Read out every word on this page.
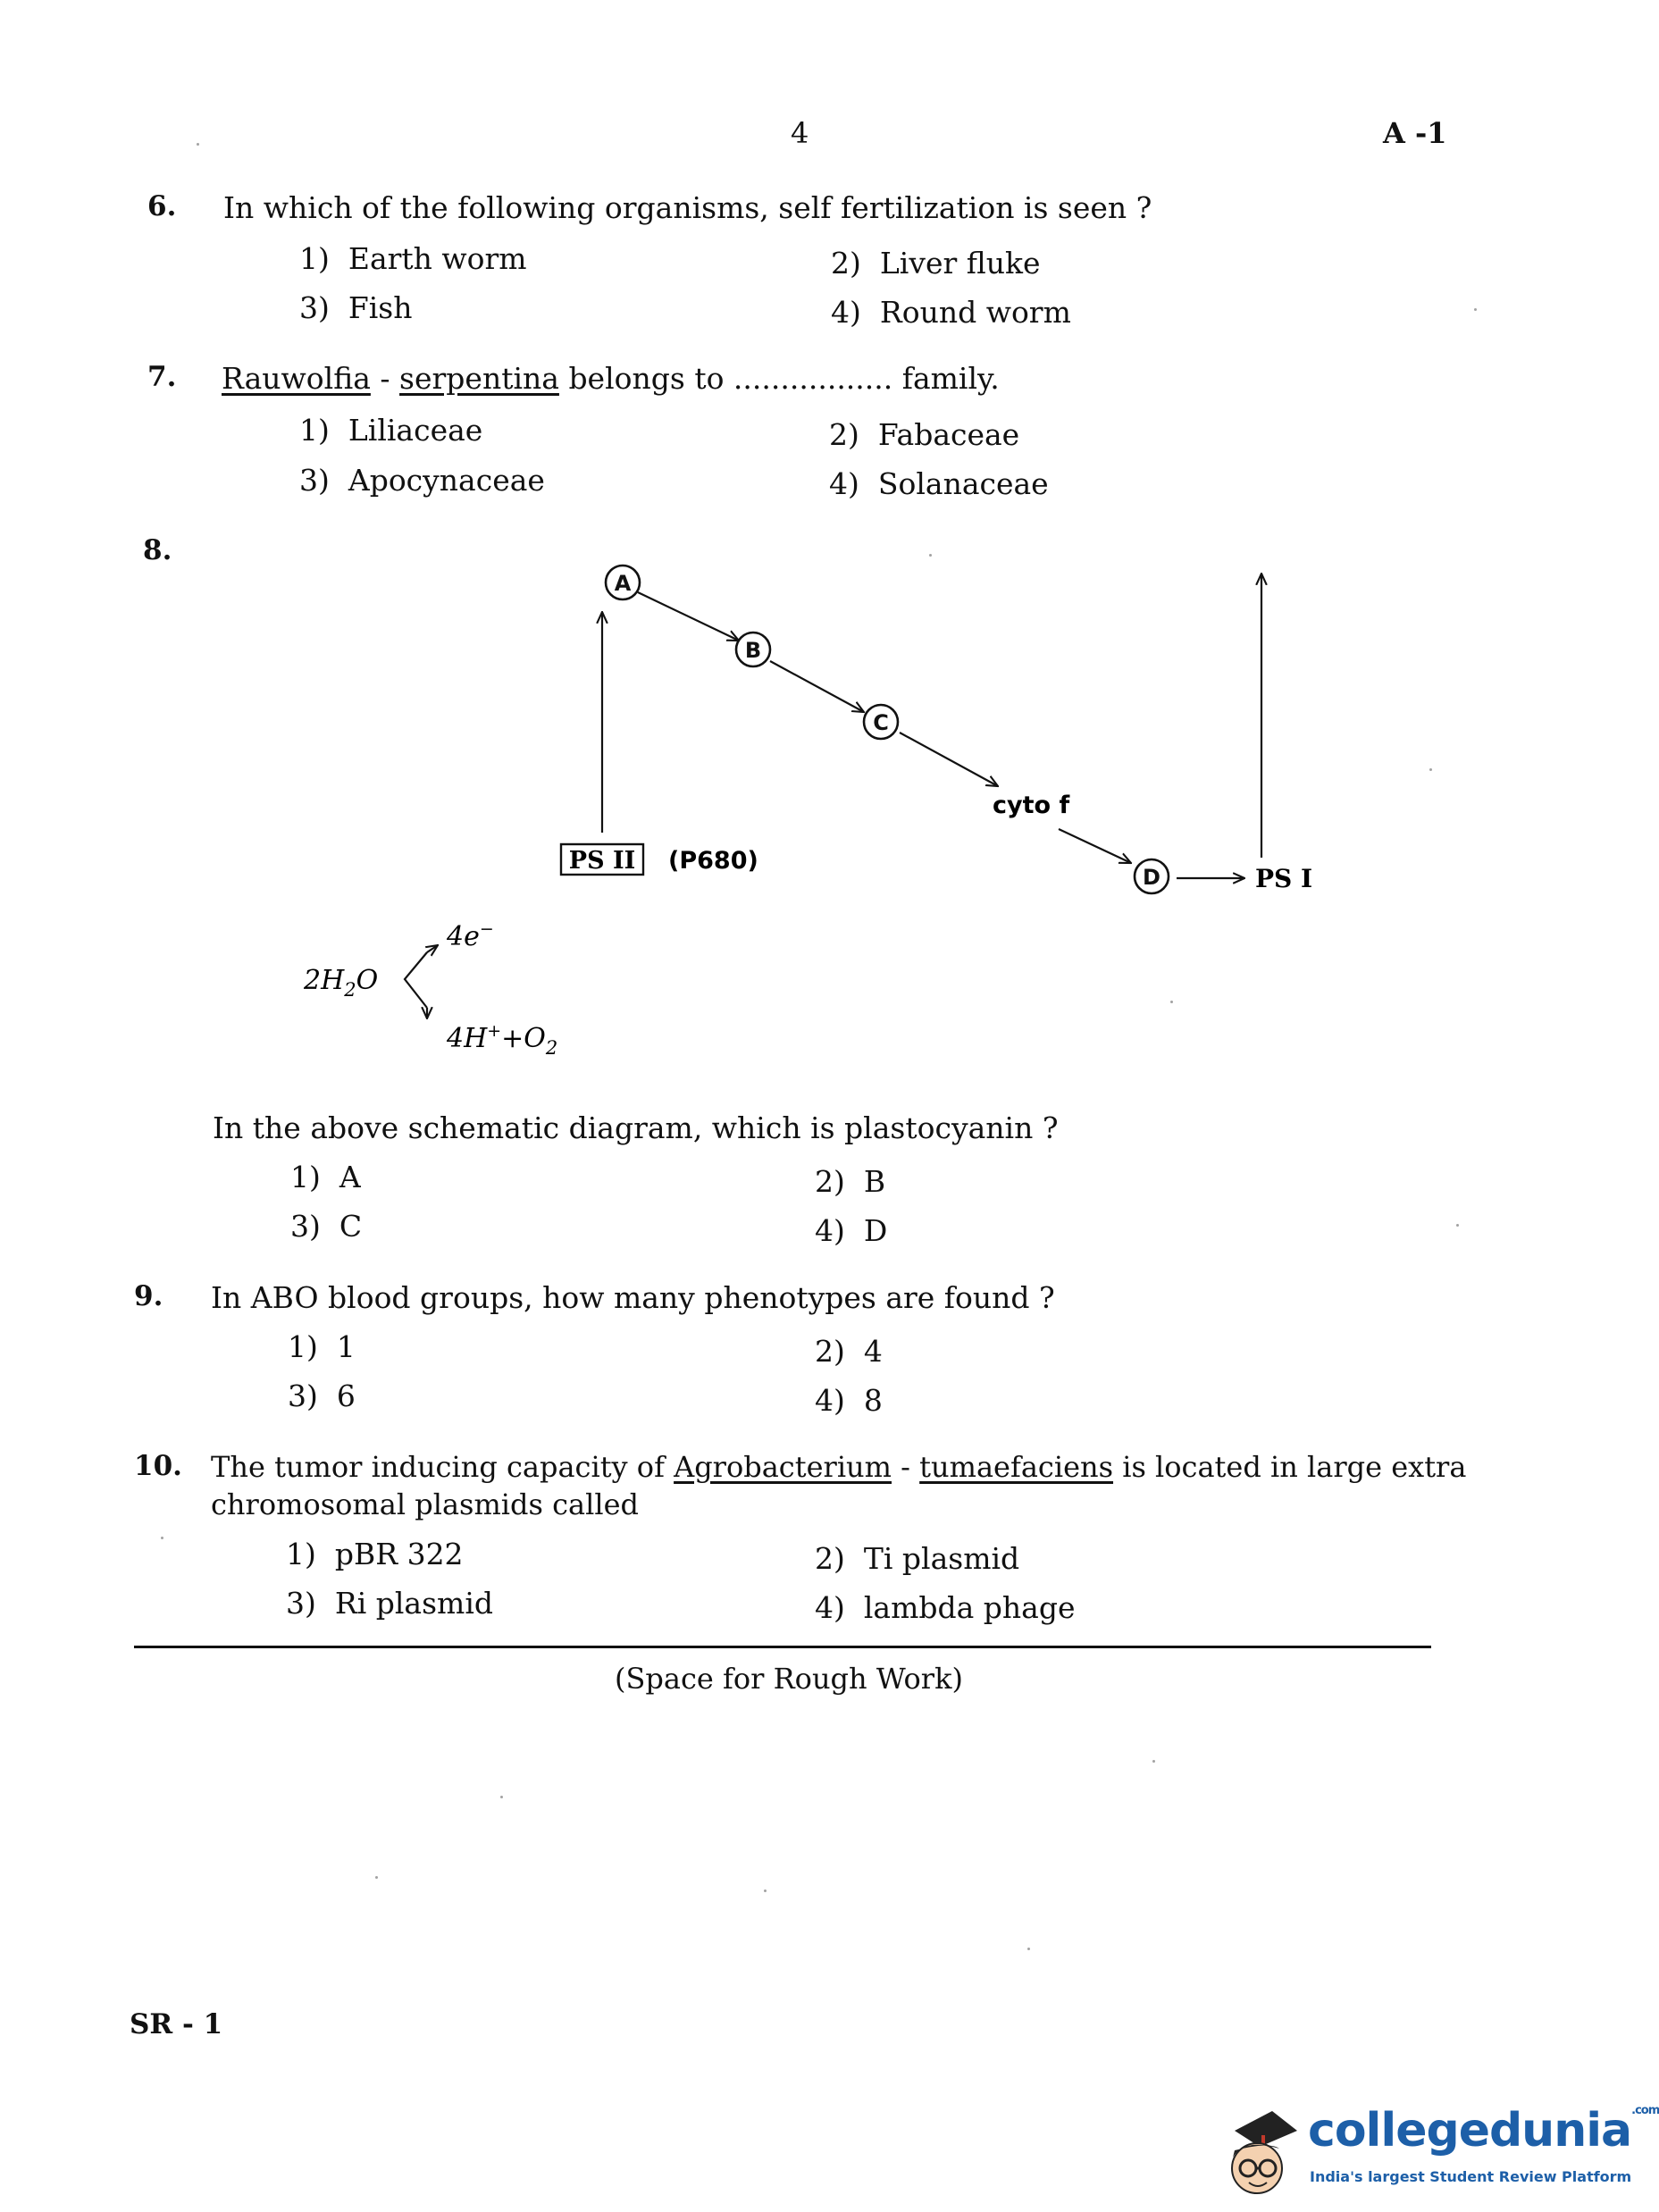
4	A -1
6. In which of the following organisms, self fertilization is seen ?
1) Earth worm	2) Liver fluke
3) Fish	4) Round worm
7. Rauwolfia - serpentina belongs to ................. family.
1) Liliaceae	2) Fabaceae
3) Apocynaceae	4) Solanaceae
8.
A
B
C
D
cyto f
PS II (P680)
PS I
$2H_2O$
4e−
$4H^++O_2$
In the above schematic diagram, which is plastocyanin ?
1) A	2) B
3) C	4) D
9. In ABO blood groups, how many phenotypes are found ?
1) 1	2) 4
3) 6	4) 8
10. The tumor inducing capacity of Agrobacterium - tumaefaciens is located in large extra
chromosomal plasmids called
1) pBR 322	2) Ti plasmid
3) Ri plasmid	4) lambda phage
(Space for Rough Work)
SR - 1
collegedunia$^{.com}$
India's largest Student Review Platform
